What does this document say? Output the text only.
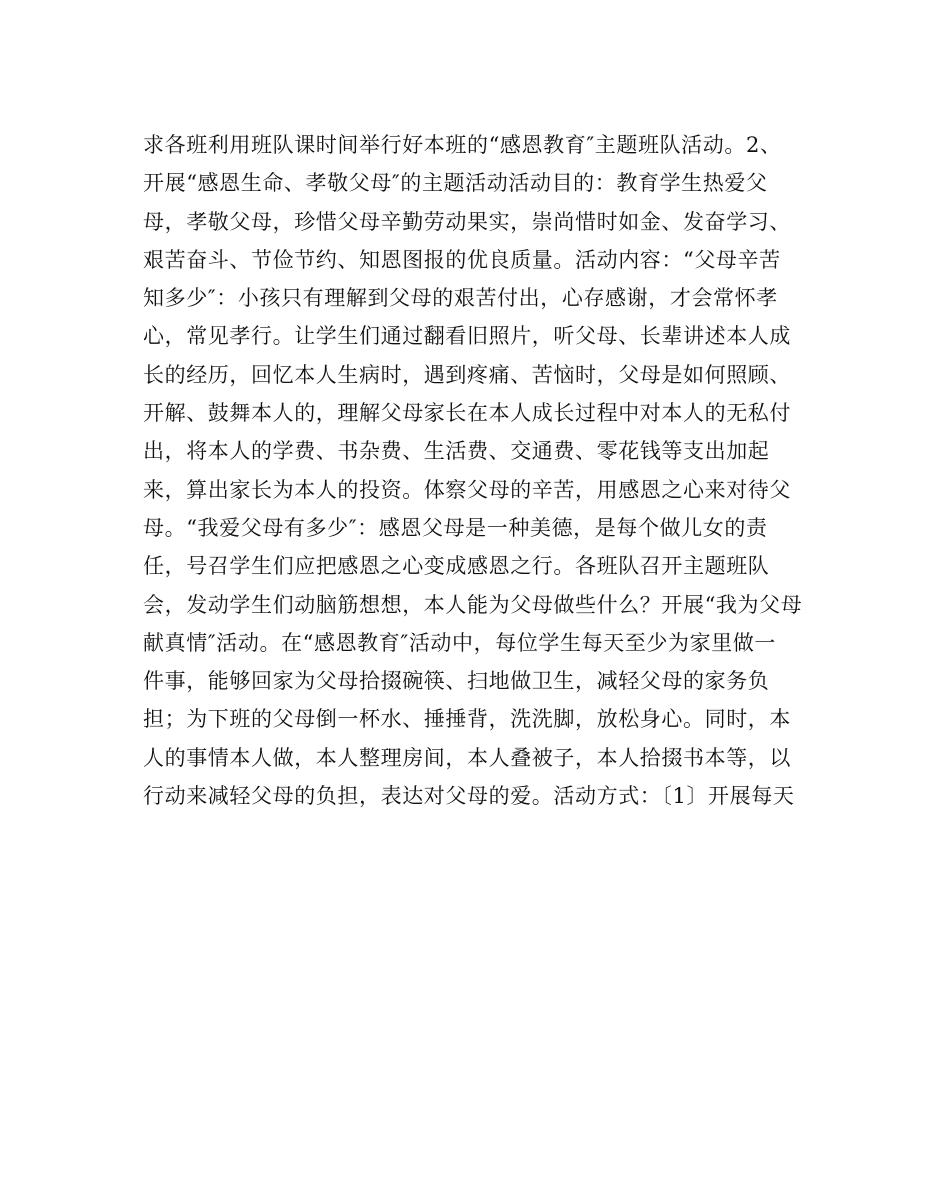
求各班利用班队课时间举行好本班的“感恩教育″主题班队活动。2、
开展“感恩生命、孝敬父母″的主题活动活动目的：教育学生热爱父
母，孝敬父母，珍惜父母辛勤劳动果实，崇尚惜时如金、发奋学习、
艰苦奋斗、节俭节约、知恩图报的优良质量。活动内容：“父母辛苦
知多少″：小孩只有理解到父母的艰苦付出，心存感谢，才会常怀孝
心，常见孝行。让学生们通过翻看旧照片，听父母、长辈讲述本人成
长的经历，回忆本人生病时，遇到疼痛、苦恼时，父母是如何照顾、
开解、鼓舞本人的，理解父母家长在本人成长过程中对本人的无私付
出，将本人的学费、书杂费、生活费、交通费、零花钱等支出加起
来，算出家长为本人的投资。体察父母的辛苦，用感恩之心来对待父
母。“我爱父母有多少″：感恩父母是一种美德，是每个做儿女的责
任，号召学生们应把感恩之心变成感恩之行。各班队召开主题班队
会，发动学生们动脑筋想想，本人能为父母做些什么？开展“我为父母
献真情″活动。在“感恩教育″活动中，每位学生每天至少为家里做一
件事，能够回家为父母拾掇碗筷、扫地做卫生，减轻父母的家务负
担；为下班的父母倒一杯水、捶捶背，洗洗脚，放松身心。同时，本
人的事情本人做，本人整理房间，本人叠被子，本人拾掇书本等，以
行动来减轻父母的负担，表达对父母的爱。活动方式：〔1〕开展每天
